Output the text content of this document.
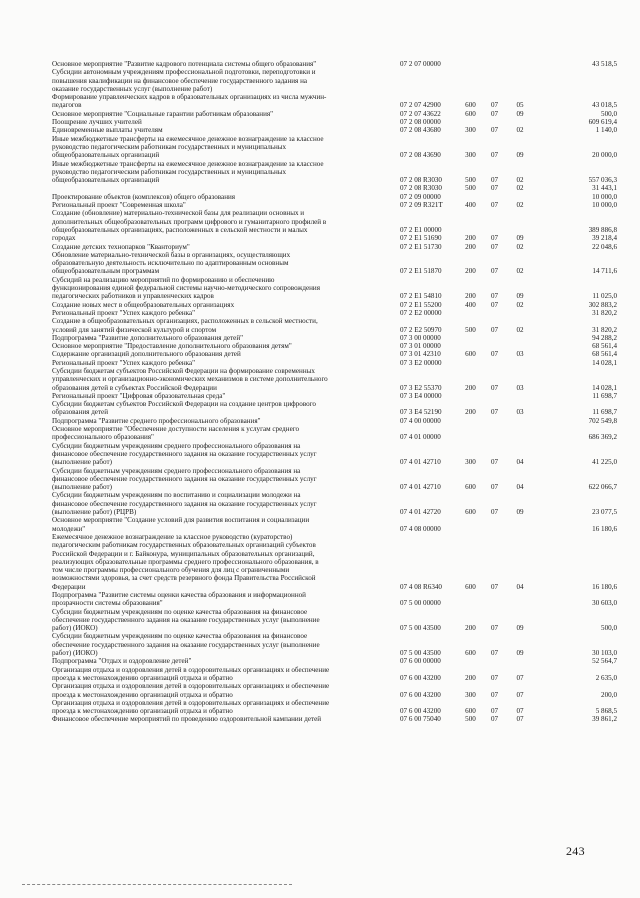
Основное мероприятие "Развитие кадрового потенциала системы общего образования"	07 2 07 00000	43 518,5
Субсидии автономным учреждениям профессиональной подготовки, переподготовки и
повышения квалификации на финансовое обеспечение государственного задания на
оказание государственных услуг (выполнение работ)
Формирование управленческих кадров в образовательных организациях из числа мужчин-
педагогов	07 2 07 42900	600	07	05	43 018,5
Основное мероприятие "Социальные гарантии работникам образования"	07 2 07 43622	600	07	09	500,0
Поощрение лучших учителей	07 2 08 00000	609 619,4
Единовременные выплаты учителям	07 2 08 43680	300	07	02	1 140,0
Иные межбюджетные трансферты на ежемесячное денежное вознаграждение за классное
руководство педагогическим работникам государственных и муниципальных
общеобразовательных организаций	07 2 08 43690	300	07	09	20 000,0
Иные межбюджетные трансферты на ежемесячное денежное вознаграждение за классное
руководство педагогическим работникам государственных и муниципальных
общеобразовательных организаций	07 2 08 R3030	500	07	02	557 036,3
07 2 08 R3030	500	07	02	31 443,1
Проектирование объектов (комплексов) общего образования	07 2 09 00000	10 000,0
Региональный проект "Современная школа"	07 2 09 R321T	400	07	02	10 000,0
Создание (обновление) материально-технической базы для реализации основных и
дополнительных общеобразовательных программ цифрового и гуманитарного профилей в
общеобразовательных организациях, расположенных в сельской местности и малых	07 2 E1 00000	389 886,8
городах	07 2 E1 51690	200	07	09	39 218,4
Создание детских технопарков "Кванториум"	07 2 E1 51730	200	07	02	22 048,6
Обновление материально-технической базы в организациях, осуществляющих
образовательную деятельность исключительно по адаптированным основным
общеобразовательным программам	07 2 E1 51870	200	07	02	14 711,6
Субсидий на реализацию мероприятий по формированию и обеспечению
функционирования единой федеральной системы научно-методического сопровождения
педагогических работников и управленческих кадров	07 2 E1 54810	200	07	09	11 025,0
Создание новых мест в общеобразовательных организациях	07 2 E1 55200	400	07	02	302 883,2
Региональный проект "Успех каждого ребенка"	07 2 E2 00000	31 820,2
Создание в общеобразовательных организациях, расположенных в сельской местности,
условий для занятий физической культурой и спортом	07 2 E2 50970	500	07	02	31 820,2
Подпрограмма "Развитие дополнительного образования детей"	07 3 00 00000	94 288,2
Основное мероприятие "Предоставление дополнительного образования детям"	07 3 01 00000	68 561,4
Содержание организаций дополнительного образования детей	07 3 01 42310	600	07	03	68 561,4
Региональный проект "Успех каждого ребенка"	07 3 E2 00000	14 028,1
Субсидии бюджетам субъектов Российской Федерации на формирование современных
управленческих и организационно-экономических механизмов в системе дополнительного
образования детей в субъектах Российской Федерации	07 3 E2 55370	200	07	03	14 028,1
Региональный проект "Цифровая образовательная среда"	07 3 E4 00000	11 698,7
Субсидии бюджетам субъектов Российской Федерации на создание центров цифрового
образования детей	07 3 E4 52190	200	07	03	11 698,7
Подпрограмма "Развитие среднего профессионального образования"	07 4 00 00000	702 549,8
Основное мероприятие "Обеспечение доступности населения к услугам среднего
профессионального образования"	07 4 01 00000	686 369,2
Субсидии бюджетным учреждениям среднего профессионального образования на
финансовое обеспечение государственного задания на оказание государственных услуг
(выполнение работ)	07 4 01 42710	300	07	04	41 225,0
Субсидии бюджетным учреждениям среднего профессионального образования на
финансовое обеспечение государственного задания на оказание государственных услуг
(выполнение работ)	07 4 01 42710	600	07	04	622 066,7
Субсидии бюджетным учреждениям по воспитанию и социализации молодежи на
финансовое обеспечение государственного задания на оказание государственных услуг
(выполнение работ) (РЦРВ)	07 4 01 42720	600	07	09	23 077,5
Основное мероприятие "Создание условий для развития воспитания и социализации
молодежи"	07 4 08 00000	16 180,6
Ежемесячное денежное вознаграждение за классное руководство (кураторство)
педагогическим работникам государственных образовательных организаций субъектов
Российской Федерации и г. Байконура, муниципальных образовательных организаций,
реализующих образовательные программы среднего профессионального образования, в
том числе программы профессионального обучения для лиц с ограниченными
возможностями здоровья, за счет средств резервного фонда Правительства Российской
Федерации	07 4 08 R6340	600	07	04	16 180,6
Подпрограмма "Развитие системы оценки качества образования и информационной
прозрачности системы образования"	07 5 00 00000	30 603,0
Субсидии бюджетным учреждениям по оценке качества образования на финансовое
обеспечение государственного задания на оказание государственных услуг (выполнение
работ) (ИОКО)	07 5 00 43500	200	07	09	500,0
Субсидии бюджетным учреждениям по оценке качества образования на финансовое
обеспечение государственного задания на оказание государственных услуг (выполнение
работ) (ИОКО)	07 5 00 43500	600	07	09	30 103,0
Подпрограмма "Отдых и оздоровление детей"	07 6 00 00000	52 564,7
Организация отдыха и оздоровления детей в оздоровительных организациях и обеспечение
проезда к местонахождению организаций отдыха и обратно	07 6 00 43200	200	07	07	2 635,0
Организация отдыха и оздоровления детей в оздоровительных организациях и обеспечение
проезда к местонахождению организаций отдыха и обратно	07 6 00 43200	300	07	07	200,0
Организация отдыха и оздоровления детей в оздоровительных организациях и обеспечение
проезда к местонахождению организаций отдыха и обратно	07 6 00 43200	600	07	07	5 868,5
Финансовое обеспечение мероприятий по проведению оздоровительной кампании детей	07 6 00 75040	500	07	07	39 861,2
243
